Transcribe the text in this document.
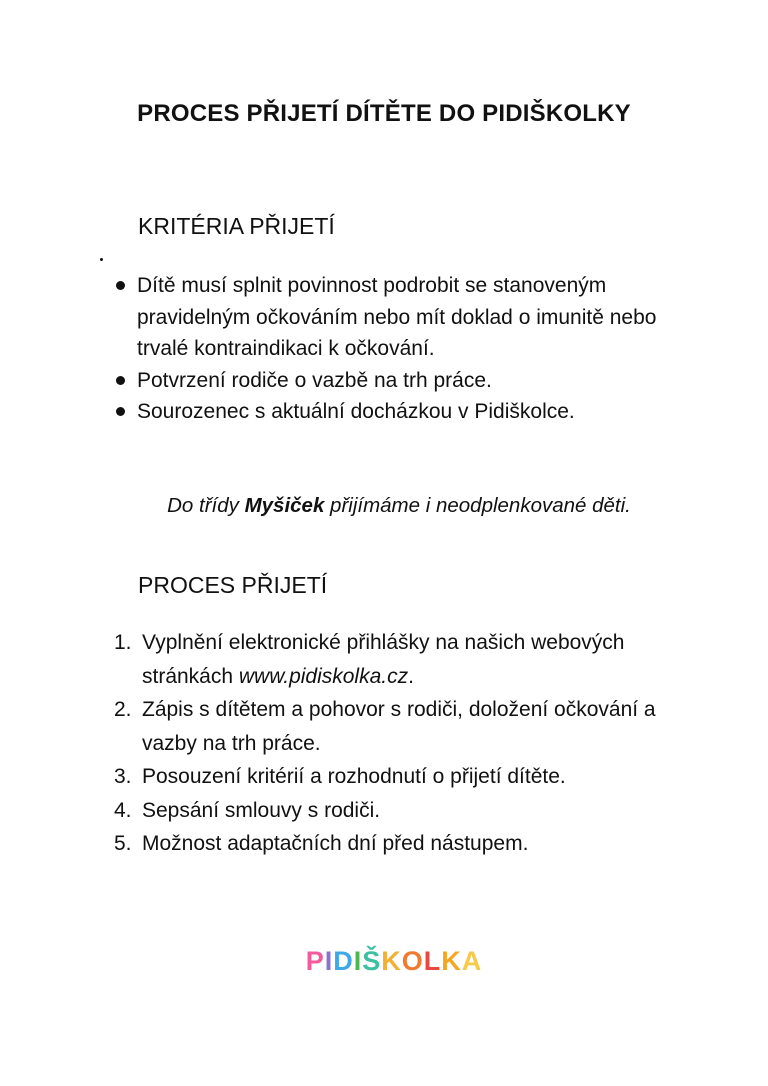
PROCES PŘIJETÍ DÍTĚTE DO PIDIŠKOLKY
KRITÉRIA PŘIJETÍ
Dítě musí splnit povinnost podrobit se stanoveným pravidelným očkováním nebo mít doklad o imunitě nebo trvalé kontraindikaci k očkování.
Potvrzení rodiče o vazbě na trh práce.
Sourozenec s aktuální docházkou v Pidiškolce.
Do třídy Myšiček přijímáme i neodplenkované děti.
PROCES PŘIJETÍ
1. Vyplnění elektronické přihlášky na našich webových stránkách www.pidiskolka.cz.
2. Zápis s dítětem a pohovor s rodiči, doložení očkování a vazby na trh práce.
3. Posouzení kritérií a rozhodnutí o přijetí dítěte.
4. Sepsání smlouvy s rodiči.
5. Možnost adaptačních dní před nástupem.
PIDIŠKOLKA
